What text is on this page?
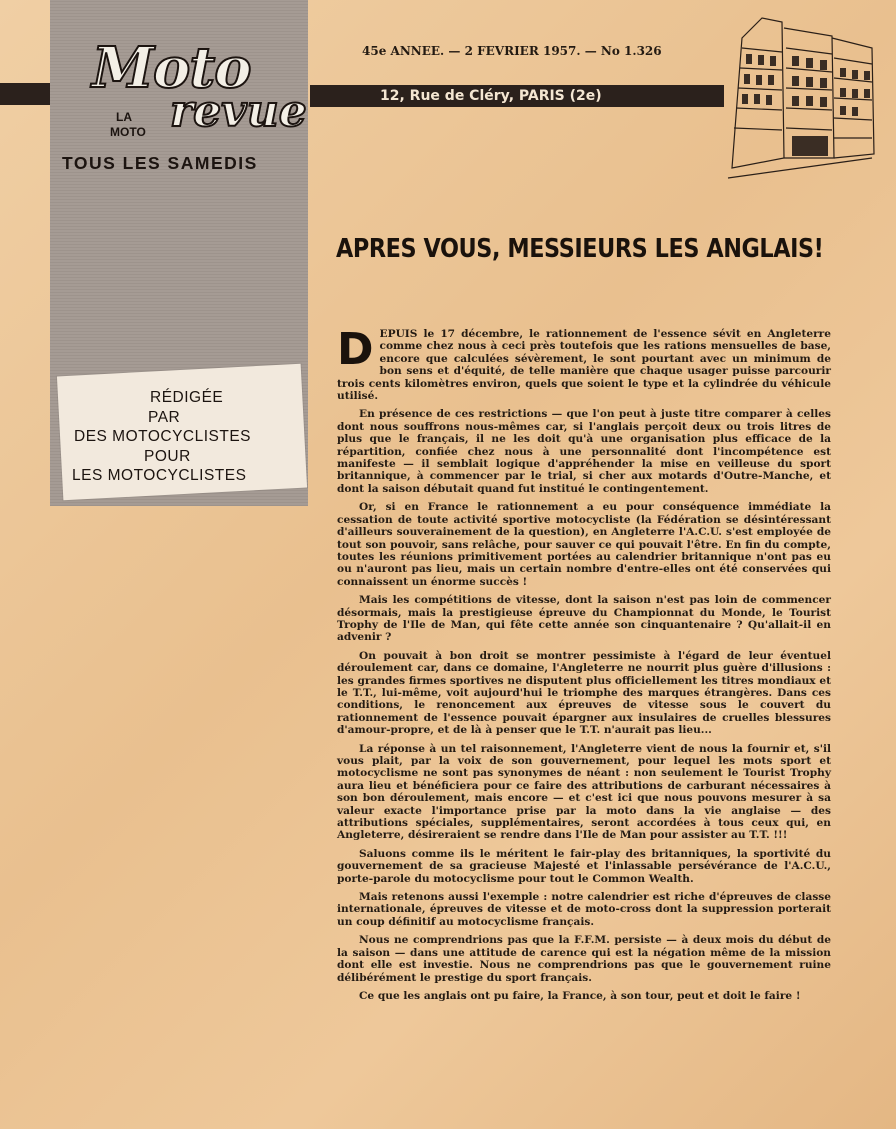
Moto
LA
MOTO revue
TOUS LES SAMEDIS
RÉDIGÉE
PAR
DES MOTOCYCLISTES
POUR
LES MOTOCYCLISTES
45e ANNEE. — 2 FEVRIER 1957. — No 1.326
12, Rue de Cléry, PARIS (2e)
APRES VOUS, MESSIEURS LES ANGLAIS!

DEPUIS le 17 décembre, le rationnement de l'essence sévit en Angleterre comme chez nous à ceci près toutefois que les rations mensuelles de base, encore que calculées sévèrement, le sont pourtant avec un minimum de bon sens et d'équité, de telle manière que chaque usager puisse parcourir trois cents kilomètres environ, quels que soient le type et la cylindrée du véhicule utilisé.

En présence de ces restrictions — que l'on peut à juste titre comparer à celles dont nous souffrons nous-mêmes car, si l'anglais perçoit deux ou trois litres de plus que le français, il ne les doit qu'à une organisation plus efficace de la répartition, confiée chez nous à une personnalité dont l'incompétence est manifeste — il semblait logique d'appréhender la mise en veilleuse du sport britannique, à commencer par le trial, si cher aux motards d'Outre-Manche, et dont la saison débutait quand fut institué le contingentement.

Or, si en France le rationnement a eu pour conséquence immédiate la cessation de toute activité sportive motocycliste (la Fédération se désintéressant d'ailleurs souverainement de la question), en Angleterre l'A.C.U. s'est employée de tout son pouvoir, sans relâche, pour sauver ce qui pouvait l'être. En fin du compte, toutes les réunions primitivement portées au calendrier britannique n'ont pas eu ou n'auront pas lieu, mais un certain nombre d'entre-elles ont été conservées qui connaissent un énorme succès !

Mais les compétitions de vitesse, dont la saison n'est pas loin de commencer désormais, mais la prestigieuse épreuve du Championnat du Monde, le Tourist Trophy de l'Ile de Man, qui fête cette année son cinquantenaire ? Qu'allait-il en advenir ?

On pouvait à bon droit se montrer pessimiste à l'égard de leur éventuel déroulement car, dans ce domaine, l'Angleterre ne nourrit plus guère d'illusions : les grandes firmes sportives ne disputent plus officiellement les titres mondiaux et le T.T., lui-même, voit aujourd'hui le triomphe des marques étrangères. Dans ces conditions, le renoncement aux épreuves de vitesse sous le couvert du rationnement de l'essence pouvait épargner aux insulaires de cruelles blessures d'amour-propre, et de là à penser que le T.T. n'aurait pas lieu...

La réponse à un tel raisonnement, l'Angleterre vient de nous la fournir et, s'il vous plait, par la voix de son gouvernement, pour lequel les mots sport et motocyclisme ne sont pas synonymes de néant : non seulement le Tourist Trophy aura lieu et bénéficiera pour ce faire des attributions de carburant nécessaires à son bon déroulement, mais encore — et c'est ici que nous pouvons mesurer à sa valeur exacte l'importance prise par la moto dans la vie anglaise — des attributions spéciales, supplémentaires, seront accordées à tous ceux qui, en Angleterre, désireraient se rendre dans l'Ile de Man pour assister au T.T. !!!

Saluons comme ils le méritent le fair-play des britanniques, la sportivité du gouvernement de sa gracieuse Majesté et l'inlassable persévérance de l'A.C.U., porte-parole du motocyclisme pour tout le Common Wealth.

Mais retenons aussi l'exemple : notre calendrier est riche d'épreuves de classe internationale, épreuves de vitesse et de moto-cross dont la suppression porterait un coup définitif au motocyclisme français.

Nous ne comprendrions pas que la F.F.M. persiste — à deux mois du début de la saison — dans une attitude de carence qui est la négation même de la mission dont elle est investie. Nous ne comprendrions pas que le gouvernement ruine délibérément le prestige du sport français.

Ce que les anglais ont pu faire, la France, à son tour, peut et doit le faire !
